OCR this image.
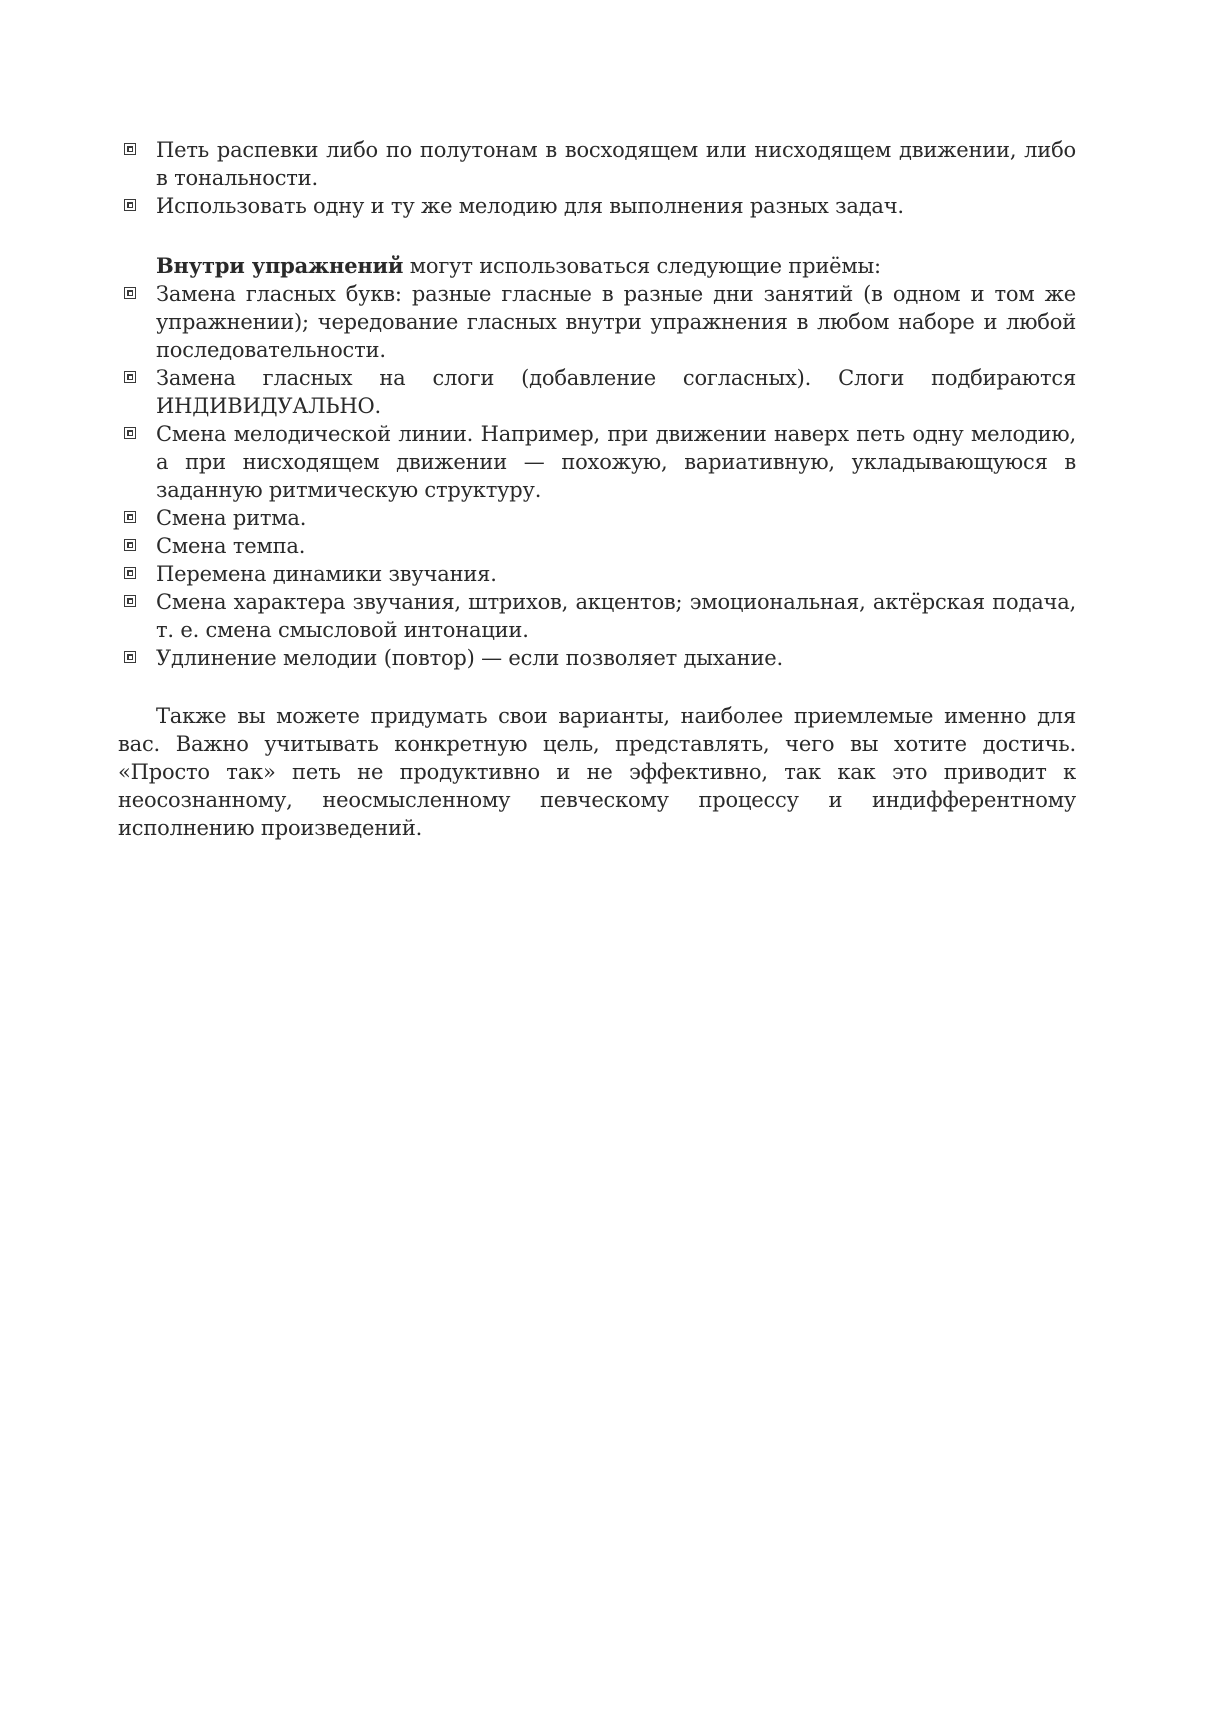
Петь распевки либо по полутонам в восходящем или нисходящем движении, либо в тональности.
Использовать одну и ту же мелодию для выполнения разных задач.
Внутри упражнений могут использоваться следующие приёмы:
Замена гласных букв: разные гласные в разные дни занятий (в одном и том же упражнении); чередование гласных внутри упражнения в любом наборе и любой последовательности.
Замена гласных на слоги (добавление согласных). Слоги подбираются ИНДИВИДУАЛЬНО.
Смена мелодической линии. Например, при движении наверх петь одну мелодию, а при нисходящем движении — похожую, вариативную, укладывающуюся в заданную ритмическую структуру.
Смена ритма.
Смена темпа.
Перемена динамики звучания.
Смена характера звучания, штрихов, акцентов; эмоциональная, актёрская подача, т. е. смена смысловой интонации.
Удлинение мелодии (повтор) — если позволяет дыхание.

Также вы можете придумать свои варианты, наиболее приемлемые именно для вас. Важно учитывать конкретную цель, представлять, чего вы хотите достичь. «Просто так» петь не продуктивно и не эффективно, так как это приводит к неосознанному, неосмысленному певческому процессу и индифферентному исполнению произведений.
